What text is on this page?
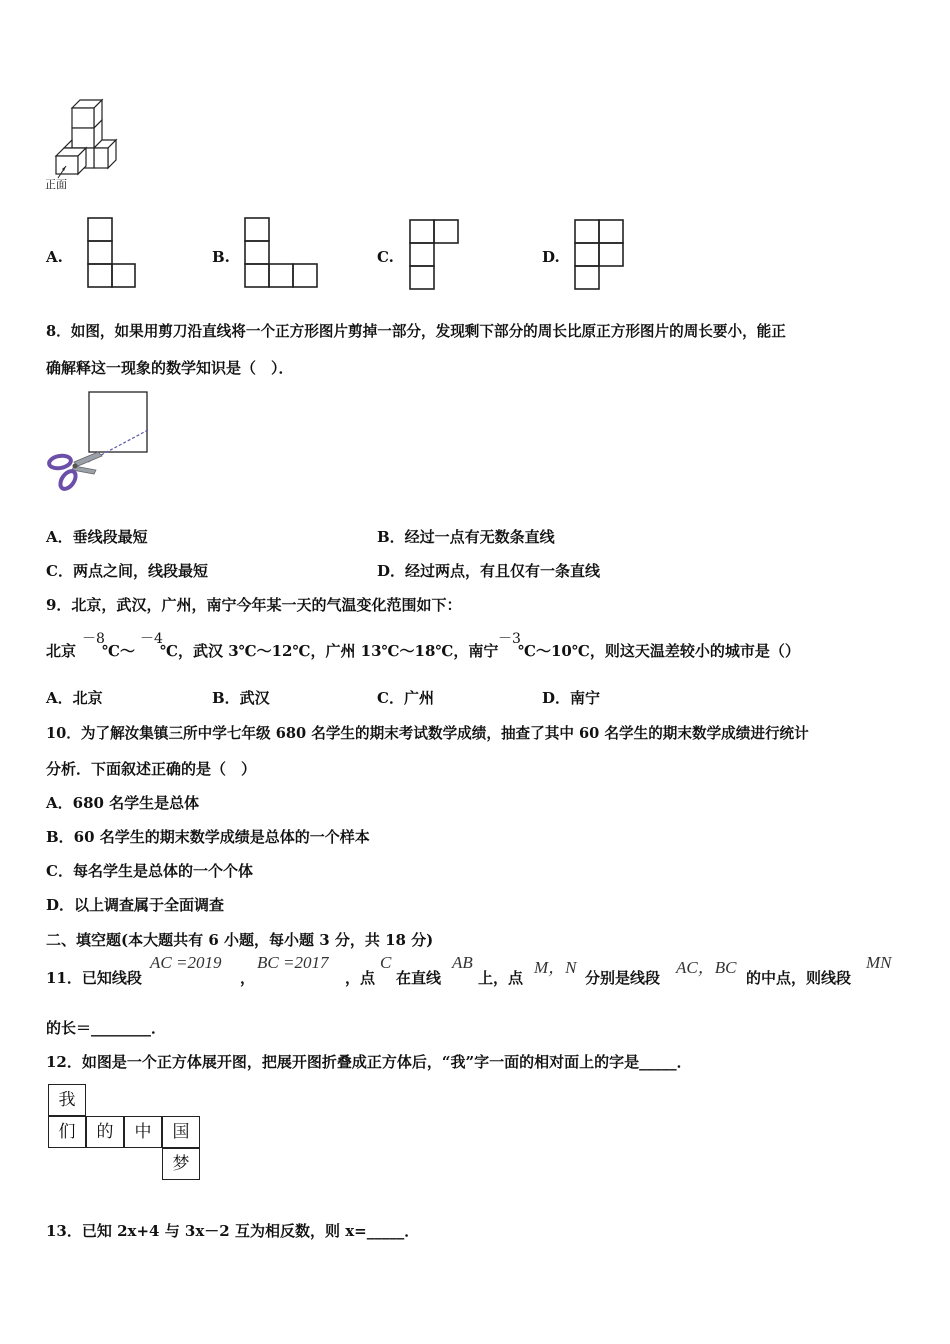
正面
A.	B.	C.	D.
8．如图，如果用剪刀沿直线将一个正方形图片剪掉一部分，发现剩下部分的周长比原正方形图片的周长要小，能正
确解释这一现象的数学知识是（　）．
A．垂线段最短	B．经过一点有无数条直线
C．两点之间，线段最短	D．经过两点，有且仅有一条直线
9．北京，武汉，广州，南宁今年某一天的气温变化范围如下：
北京
－8
℃～
－4
℃，武汉 3℃～12℃，广州 13℃～18℃，南宁
－3
℃～10℃，则这天温差较小的城市是（）
A．北京	B．武汉	C．广州	D．南宁
10．为了解汝集镇三所中学七年级 680 名学生的期末考试数学成绩，抽查了其中 60 名学生的期末数学成绩进行统计
分析．下面叙述正确的是（　）
A．680 名学生是总体
B．60 名学生的期末数学成绩是总体的一个样本
C．每名学生是总体的一个个体
D．以上调查属于全面调查
二、填空题(本大题共有 6 小题，每小题 3 分，共 18 分)
11．已知线段
AC =2019
，
BC =2017
，点
C
在直线
AB
上，点
M，N
分别是线段
AC，BC
的中点，则线段
MN
的长＝________．
12．如图是一个正方体展开图，把展开图折叠成正方体后，“我”字一面的相对面上的字是_____．
我
们	的	中	国
梦
13．已知 2x+4 与 3x－2 互为相反数，则 x=_____．
